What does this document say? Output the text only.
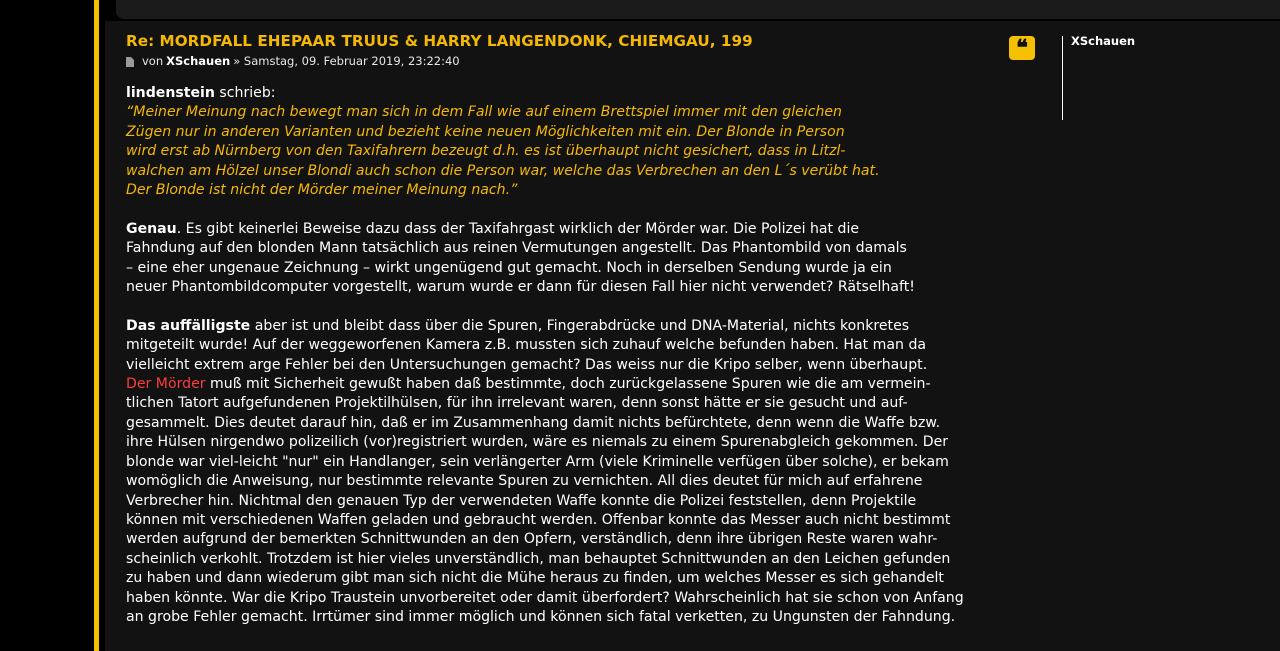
Re: MORDFALL EHEPAAR TRUUS & HARRY LANGENDONK, CHIEMGAU, 199
von XSchauen » Samstag, 09. Februar 2019, 23:22:40
lindenstein schrieb:
“Meiner Meinung nach bewegt man sich in dem Fall wie auf einem Brettspiel immer mit den gleichen
Zügen nur in anderen Varianten und bezieht keine neuen Möglichkeiten mit ein. Der Blonde in Person
wird erst ab Nürnberg von den Taxifahrern bezeugt d.h. es ist überhaupt nicht gesichert, dass in Litzl-
walchen am Hölzel unser Blondi auch schon die Person war, welche das Verbrechen an den L´s verübt hat.
Der Blonde ist nicht der Mörder meiner Meinung nach.”

Genau. Es gibt keinerlei Beweise dazu dass der Taxifahrgast wirklich der Mörder war. Die Polizei hat die
Fahndung auf den blonden Mann tatsächlich aus reinen Vermutungen angestellt. Das Phantombild von damals
– eine eher ungenaue Zeichnung – wirkt ungenügend gut gemacht. Noch in derselben Sendung wurde ja ein
neuer Phantombildcomputer vorgestellt, warum wurde er dann für diesen Fall hier nicht verwendet? Rätselhaft!

Das auffälligste aber ist und bleibt dass über die Spuren, Fingerabdrücke und DNA-Material, nichts konkretes
mitgeteilt wurde! Auf der weggeworfenen Kamera z.B. mussten sich zuhauf welche befunden haben. Hat man da
vielleicht extrem arge Fehler bei den Untersuchungen gemacht? Das weiss nur die Kripo selber, wenn überhaupt.
Der Mörder muß mit Sicherheit gewußt haben daß bestimmte, doch zurückgelassene Spuren wie die am vermein-
tlichen Tatort aufgefundenen Projektilhülsen, für ihn irrelevant waren, denn sonst hätte er sie gesucht und auf-
gesammelt. Dies deutet darauf hin, daß er im Zusammenhang damit nichts befürchtete, denn wenn die Waffe bzw.
ihre Hülsen nirgendwo polizeilich (vor)registriert wurden, wäre es niemals zu einem Spurenabgleich gekommen. Der
blonde war viel-leicht "nur" ein Handlanger, sein verlängerter Arm (viele Kriminelle verfügen über solche), er bekam
womöglich die Anweisung, nur bestimmte relevante Spuren zu vernichten. All dies deutet für mich auf erfahrene
Verbrecher hin. Nichtmal den genauen Typ der verwendeten Waffe konnte die Polizei feststellen, denn Projektile
können mit verschiedenen Waffen geladen und gebraucht werden. Offenbar konnte das Messer auch nicht bestimmt
werden aufgrund der bemerkten Schnittwunden an den Opfern, verständlich, denn ihre übrigen Reste waren wahr-
scheinlich verkohlt. Trotzdem ist hier vieles unverständlich, man behauptet Schnittwunden an den Leichen gefunden
zu haben und dann wiederum gibt man sich nicht die Mühe heraus zu finden, um welches Messer es sich gehandelt
haben könnte. War die Kripo Traustein unvorbereitet oder damit überfordert? Wahrscheinlich hat sie schon von Anfang
an grobe Fehler gemacht. Irrtümer sind immer möglich und können sich fatal verketten, zu Ungunsten der Fahndung.

❝	XSchauen
